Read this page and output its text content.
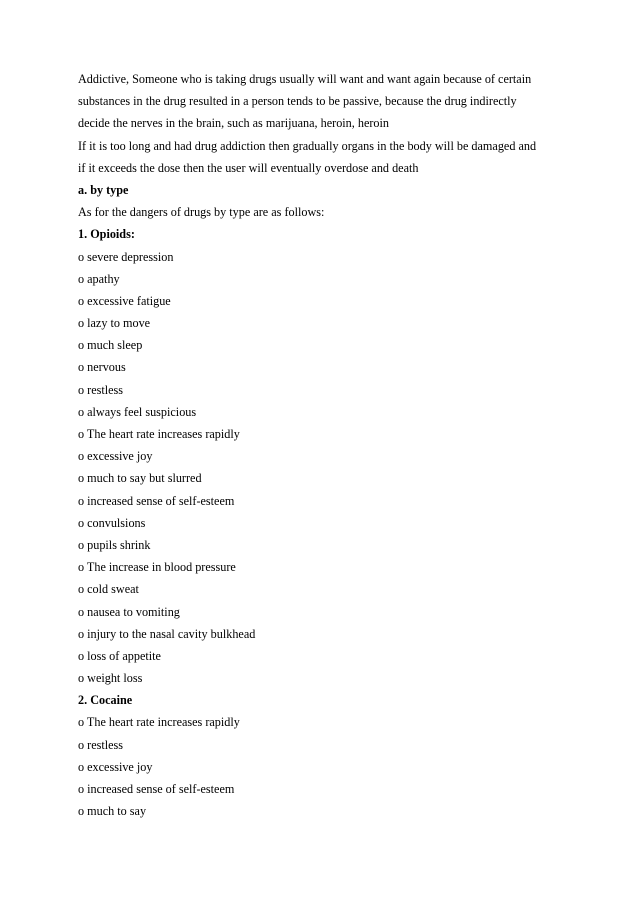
Addictive, Someone who is taking drugs usually will want and want again because of certain
substances in the drug resulted in a person tends to be passive, because the drug indirectly
decide the nerves in the brain, such as marijuana, heroin, heroin
If it is too long and had drug addiction then gradually organs in the body will be damaged and
if it exceeds the dose then the user will eventually overdose and death
a. by type
As for the dangers of drugs by type are as follows:
1. Opioids:
o severe depression
o apathy
o excessive fatigue
o lazy to move
o much sleep
o nervous
o restless
o always feel suspicious
o The heart rate increases rapidly
o excessive joy
o much to say but slurred
o increased sense of self-esteem
o convulsions
o pupils shrink
o The increase in blood pressure
o cold sweat
o nausea to vomiting
o injury to the nasal cavity bulkhead
o loss of appetite
o weight loss
2. Cocaine
o The heart rate increases rapidly
o restless
o excessive joy
o increased sense of self-esteem
o much to say
